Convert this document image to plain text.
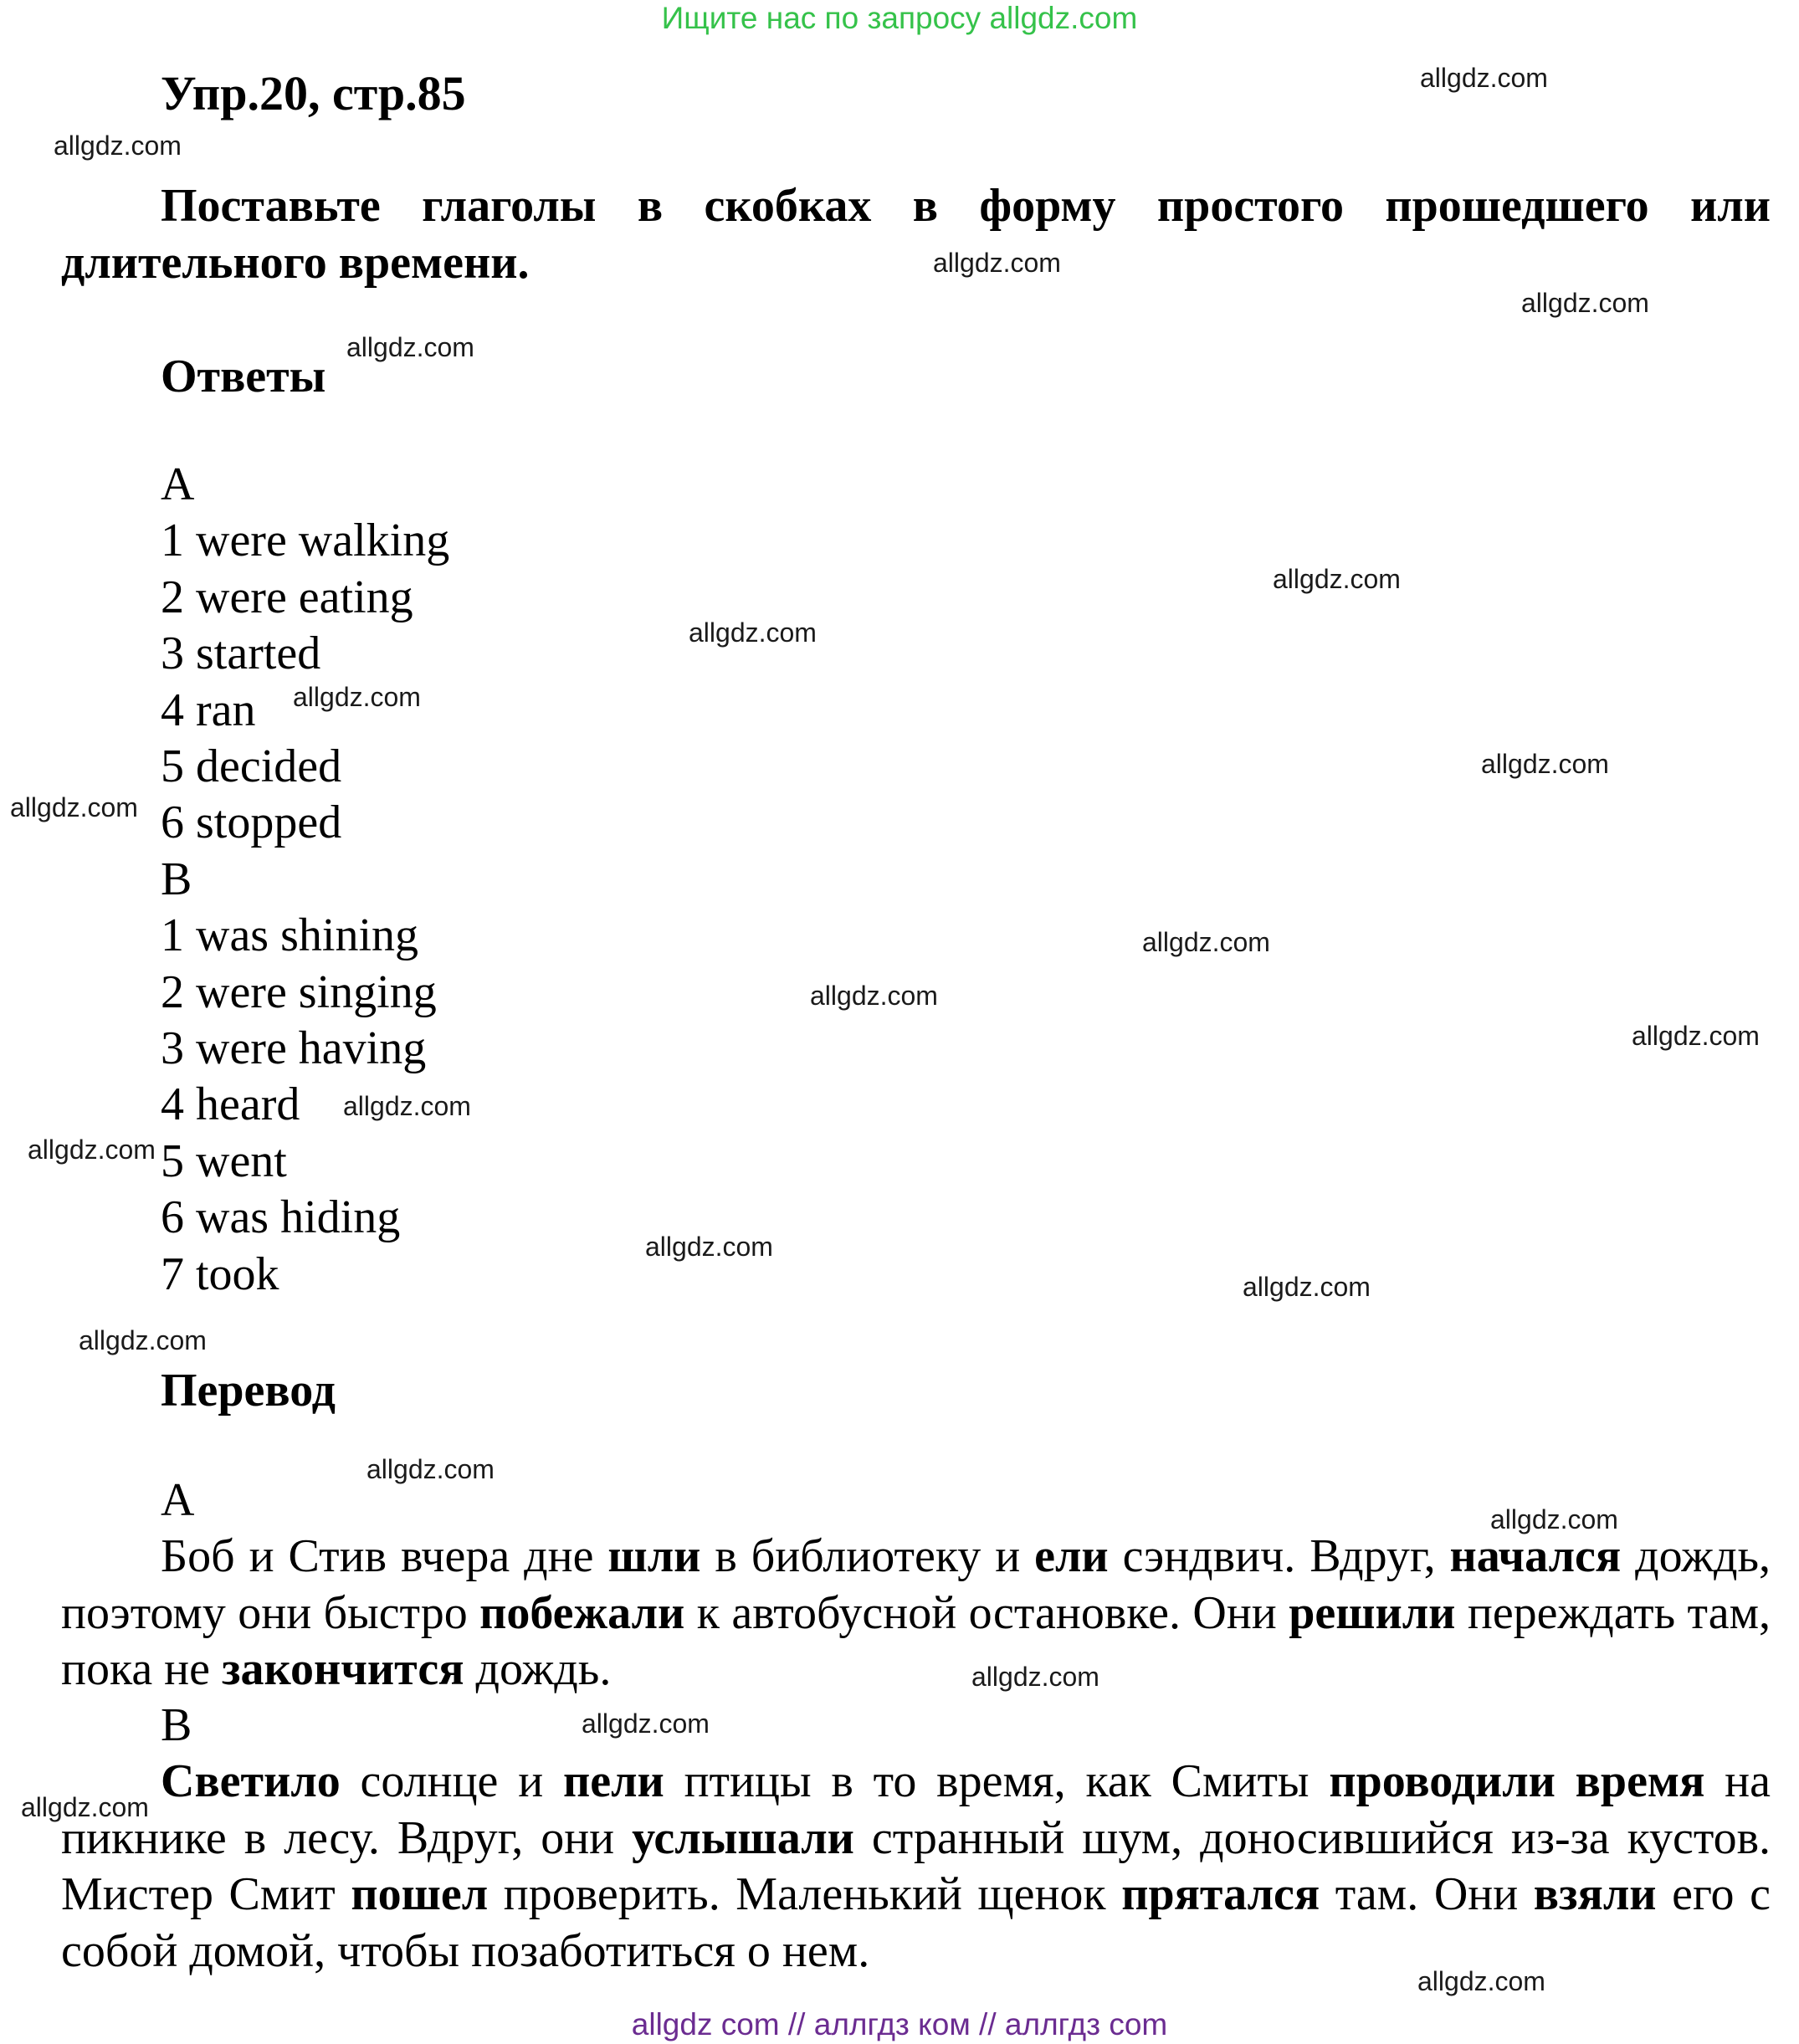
Ищите нас по запросу allgdz.com
Упр.20, стр.85
Поставьте глаголы в скобках в форму простого прошедшего или длительного времени.
Ответы
A
1 were walking
2 were eating
3 started
4 ran
5 decided
6 stopped
B
1 was shining
2 were singing
3 were having
4 heard
5 went
6 was hiding
7 took
Перевод
A
Боб и Стив вчера дне шли в библиотеку и ели сэндвич. Вдруг, начался дождь, поэтому они быстро побежали к автобусной остановке. Они решили переждать там, пока не закончится дождь.
B
Светило солнце и пели птицы в то время, как Смиты проводили время на пикнике в лесу. Вдруг, они услышали странный шум, доносившийся из-за кустов. Мистер Смит пошел проверить. Маленький щенок прятался там. Они взяли его с собой домой, чтобы позаботиться о нем.
allgdz.com
allgdz.com
allgdz.com
allgdz.com
allgdz.com
allgdz.com
allgdz.com
allgdz.com
allgdz.com
allgdz.com
allgdz.com
allgdz.com
allgdz.com
allgdz.com
allgdz.com
allgdz.com
allgdz.com
allgdz.com
allgdz.com
allgdz.com
allgdz.com
allgdz.com
allgdz.com
allgdz.com
allgdz com // аллгдз ком // аллгдз com
